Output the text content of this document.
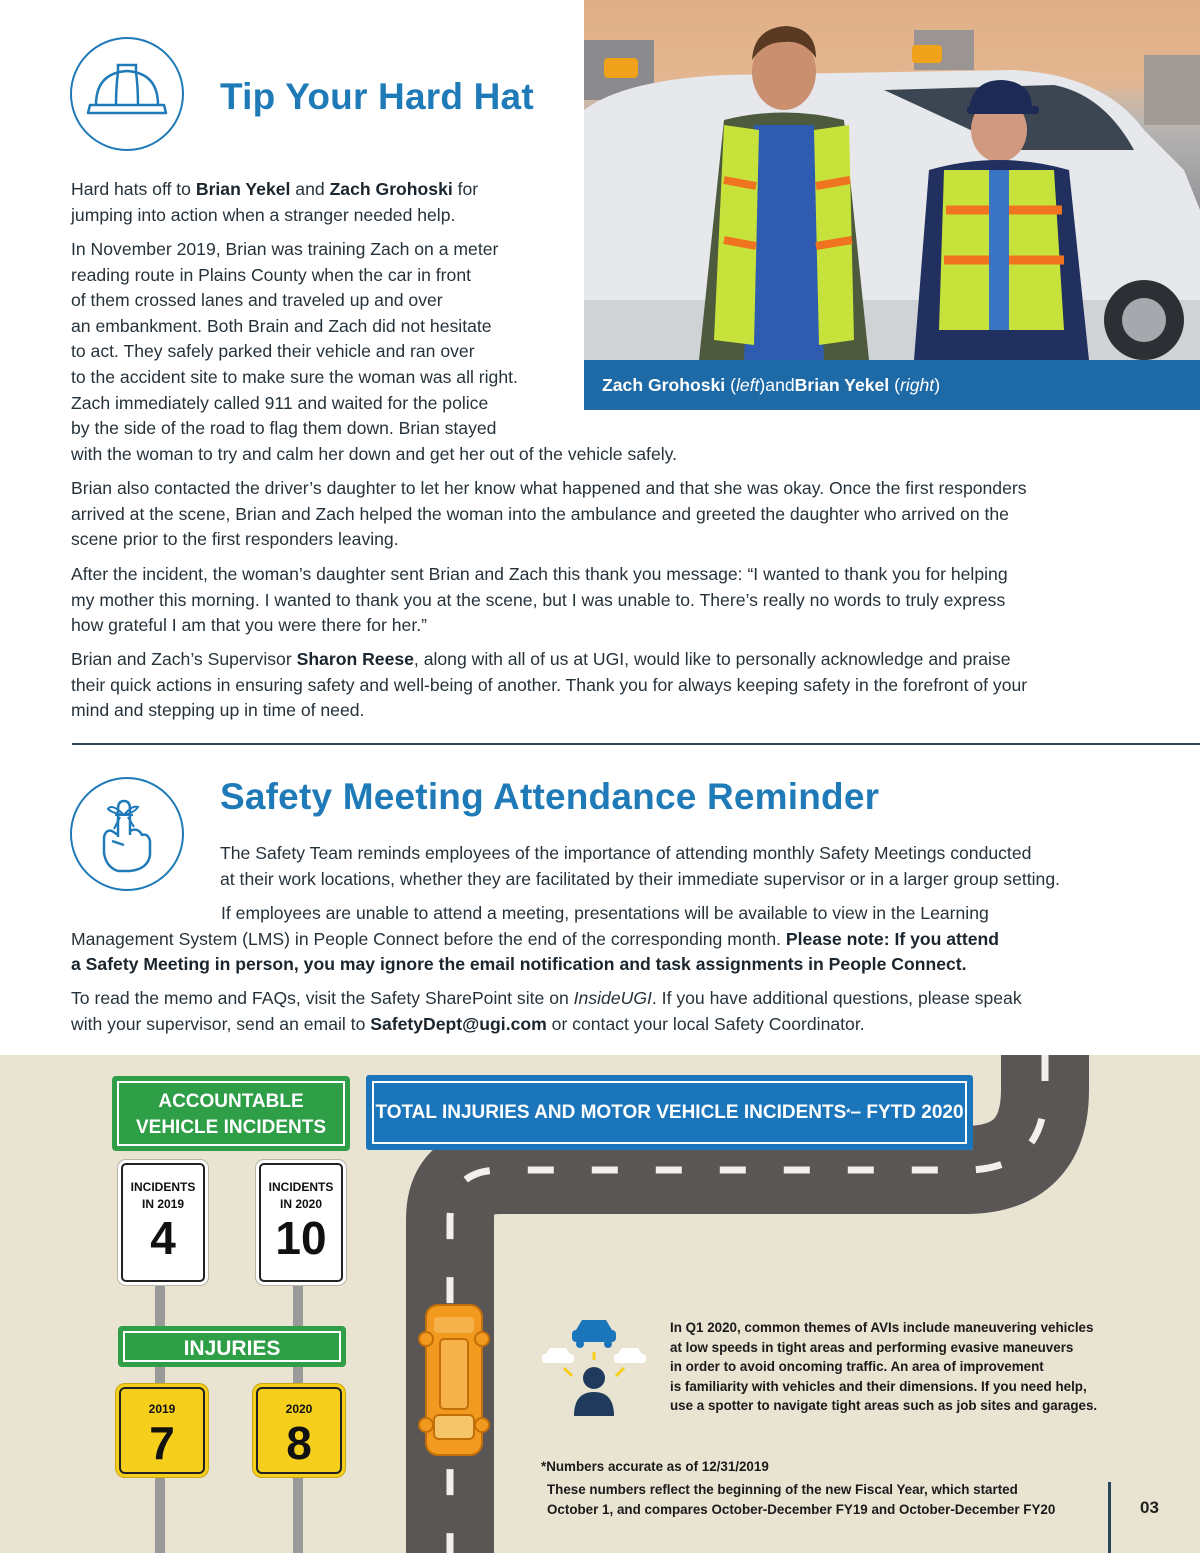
Tip Your Hard Hat

Hard hats off to Brian Yekel and Zach Grohoski for

jumping into action when a stranger needed help.

In November 2019, Brian was training Zach on a meter

reading route in Plains County when the car in front

of them crossed lanes and traveled up and over

an embankment. Both Brain and Zach did not hesitate

to act. They safely parked their vehicle and ran over

to the accident site to make sure the woman was all right.

Zach immediately called 911 and waited for the police

by the side of the road to flag them down. Brian stayed

with the woman to try and calm her down and get her out of the vehicle safely.

Brian also contacted the driver’s daughter to let her know what happened and that she was okay. Once the first responders

arrived at the scene, Brian and Zach helped the woman into the ambulance and greeted the daughter who arrived on the

scene prior to the first responders leaving.

After the incident, the woman’s daughter sent Brian and Zach this thank you message: “I wanted to thank you for helping

my mother this morning. I wanted to thank you at the scene, but I was unable to. There’s really no words to truly express

how grateful I am that you were there for her.”

Brian and Zach’s Supervisor Sharon Reese, along with all of us at UGI, would like to personally acknowledge and praise

their quick actions in ensuring safety and well-being of another. Thank you for always keeping safety in the forefront of your

mind and stepping up in time of need.

Zach Grohoski ( left ) and Brian Yekel ( right )
Safety Meeting Attendance Reminder

The Safety Team reminds employees of the importance of attending monthly Safety Meetings conducted

at their work locations, whether they are facilitated by their immediate supervisor or in a larger group setting.

If employees are unable to attend a meeting, presentations will be available to view in the Learning

Management System (LMS) in People Connect before the end of the corresponding month. Please note: If you attend

a Safety Meeting in person, you may ignore the email notification and task assignments in People Connect.

To read the memo and FAQs, visit the Safety SharePoint site on InsideUGI. If you have additional questions, please speak

with your supervisor, send an email to SafetyDept@ugi.com or contact your local Safety Coordinator.

ACCOUNTABLE
VEHICLE INCIDENTS
TOTAL INJURIES AND MOTOR VEHICLE INCIDENTS * – FYTD 2020
INCIDENTS
IN 2019
4
INCIDENTS
IN 2020
10
INJURIES
2019
7
2020
8
In Q1 2020, common themes of AVIs include maneuvering vehicles
at low speeds in tight areas and performing evasive maneuvers
in order to avoid oncoming traffic. An area of improvement
is familiarity with vehicles and their dimensions. If you need help,
use a spotter to navigate tight areas such as job sites and garages.
*Numbers accurate as of 12/31/2019
These numbers reflect the beginning of the new Fiscal Year, which started
October 1, and compares October-December FY19 and October-December FY20	03
